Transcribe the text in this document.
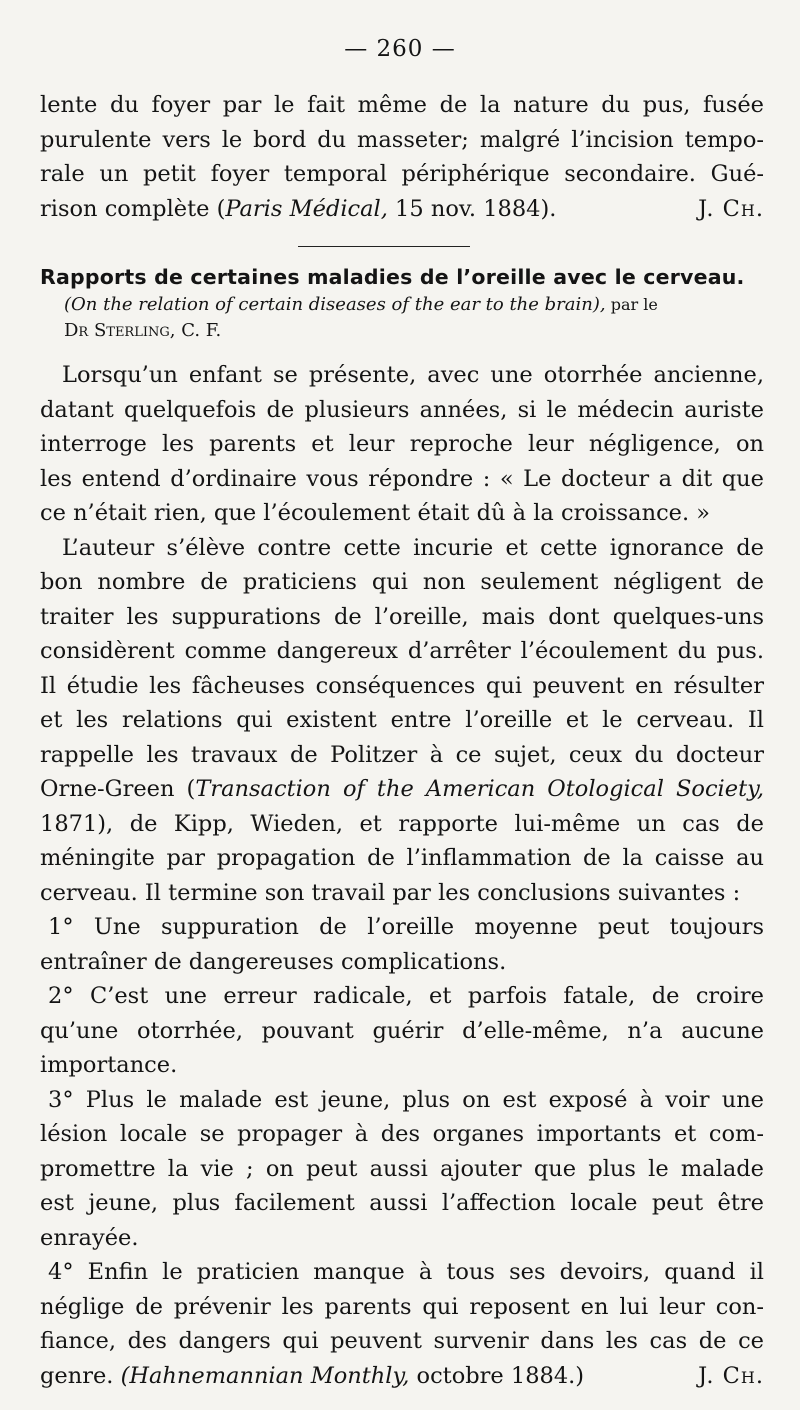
— 260 —

lente du foyer par le fait même de la nature du pus, fusée

purulente vers le bord du masseter; malgré l’incision tempo-

rale un petit foyer temporal périphérique secondaire. Gué-

rison complète (Paris Médical, 15 nov. 1884).	J. Ch.

Rapports de certaines maladies de l’oreille avec le cerveau.
(On the relation of certain diseases of the ear to the brain), par le
Dr Sterling, C. F.

Lorsqu’un enfant se présente, avec une otorrhée ancienne,

datant quelquefois de plusieurs années, si le médecin auriste

interroge les parents et leur reproche leur négligence, on

les entend d’ordinaire vous répondre : « Le docteur a dit que

ce n’était rien, que l’écoulement était dû à la croissance. »

L’auteur s’élève contre cette incurie et cette ignorance de

bon nombre de praticiens qui non seulement négligent de

traiter les suppurations de l’oreille, mais dont quelques-uns

considèrent comme dangereux d’arrêter l’écoulement du pus.

Il étudie les fâcheuses conséquences qui peuvent en résulter

et les relations qui existent entre l’oreille et le cerveau. Il

rappelle les travaux de Politzer à ce sujet, ceux du docteur

Orne-Green (Transaction of the American Otological Society,

1871), de Kipp, Wieden, et rapporte lui-même un cas de

méningite par propagation de l’inflammation de la caisse au

cerveau. Il termine son travail par les conclusions suivantes :

1° Une suppuration de l’oreille moyenne peut toujours

entraîner de dangereuses complications.

2° C’est une erreur radicale, et parfois fatale, de croire

qu’une otorrhée, pouvant guérir d’elle-même, n’a aucune

importance.

3° Plus le malade est jeune, plus on est exposé à voir une

lésion locale se propager à des organes importants et com-

promettre la vie ; on peut aussi ajouter que plus le malade

est jeune, plus facilement aussi l’affection locale peut être

enrayée.

4° Enfin le praticien manque à tous ses devoirs, quand il

néglige de prévenir les parents qui reposent en lui leur con-

fiance, des dangers qui peuvent survenir dans les cas de ce

genre. (Hahnemannian Monthly, octobre 1884.)	J. Ch.
